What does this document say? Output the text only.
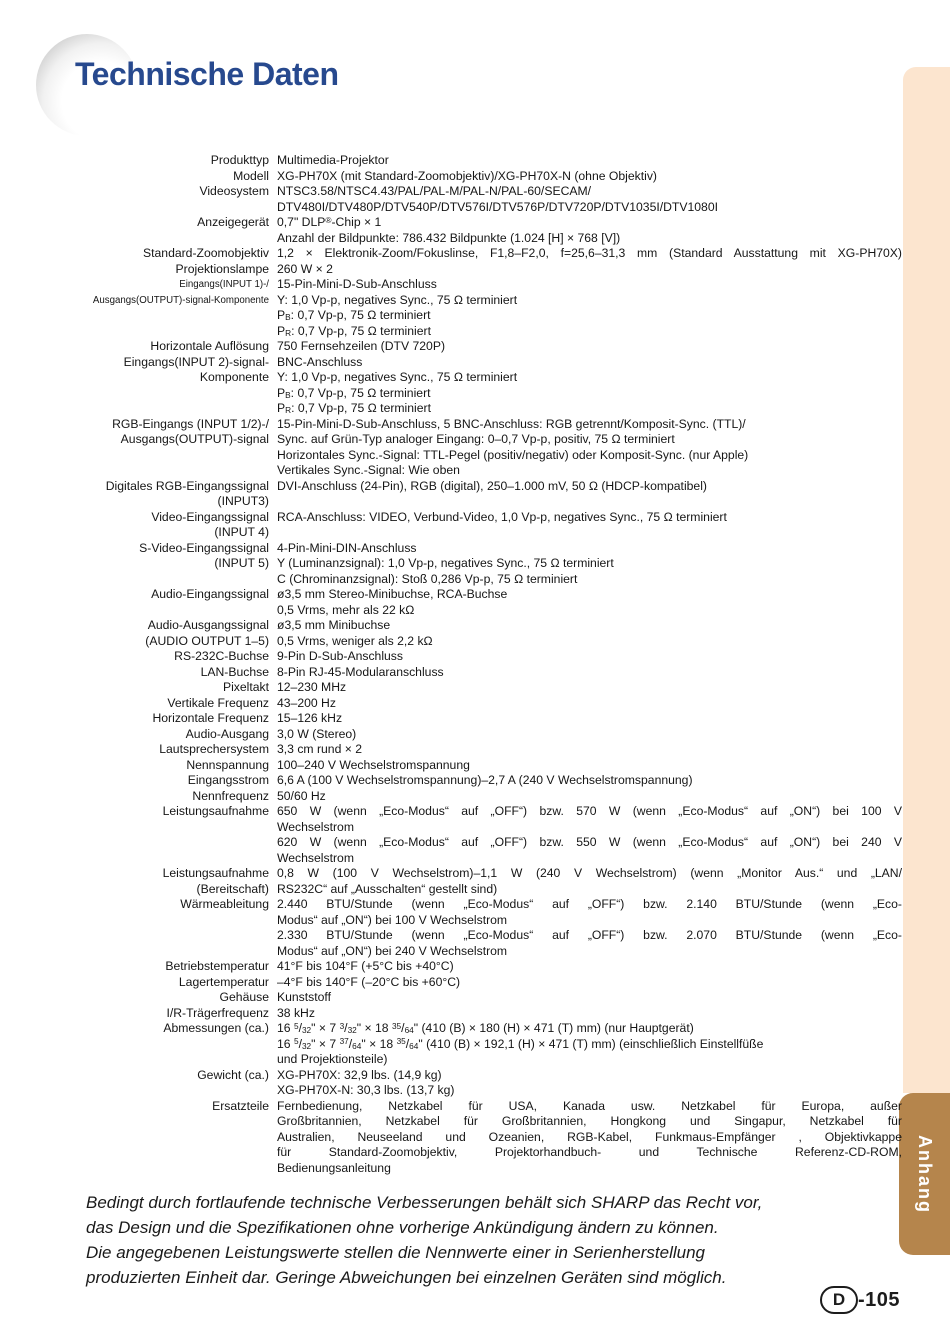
Technische Daten
Anhang
Produkttyp Multimedia-Projektor
Modell XG-PH70X (mit Standard-Zoomobjektiv)/XG-PH70X-N (ohne Objektiv)
Videosystem NTSC3.58/NTSC4.43/PAL/PAL-M/PAL-N/PAL-60/SECAM/
DTV480I/DTV480P/DTV540P/DTV576I/DTV576P/DTV720P/DTV1035I/DTV1080I
Anzeigegerät 0,7" DLP®-Chip × 1
Anzahl der Bildpunkte: 786.432 Bildpunkte (1.024 [H] × 768 [V])
Standard-Zoomobjektiv 1,2 × Elektronik-Zoom/Fokuslinse, F1,8–F2,0, f=25,6–31,3 mm (Standard Ausstattung mit XG-PH70X)
Projektionslampe 260 W × 2
Eingangs(INPUT 1)-/
Ausgangs(OUTPUT)-signal-Komponente
15-Pin-Mini-D-Sub-Anschluss
Y: 1,0 Vp-p, negatives Sync., 75 Ω terminiert
$P_B$: 0,7 Vp-p, 75 Ω terminiert
$P_R$: 0,7 Vp-p, 75 Ω terminiert
Horizontale Auflösung 750 Fernsehzeilen (DTV 720P)
Eingangs(INPUT 2)-signal-
Komponente
BNC-Anschluss
Y: 1,0 Vp-p, negatives Sync., 75 Ω terminiert
$P_B$: 0,7 Vp-p, 75 Ω terminiert
$P_R$: 0,7 Vp-p, 75 Ω terminiert
RGB-Eingangs (INPUT 1/2)-/
Ausgangs(OUTPUT)-signal
15-Pin-Mini-D-Sub-Anschluss, 5 BNC-Anschluss: RGB getrennt/Komposit-Sync. (TTL)/
Sync. auf Grün-Typ analoger Eingang: 0–0,7 Vp-p, positiv, 75 Ω terminiert
Horizontales Sync.-Signal: TTL-Pegel (positiv/negativ) oder Komposit-Sync. (nur Apple)
Vertikales Sync.-Signal: Wie oben
Digitales RGB-Eingangssignal
(INPUT3)
DVI-Anschluss (24-Pin), RGB (digital), 250–1.000 mV, 50 Ω (HDCP-kompatibel)
Video-Eingangssignal
(INPUT 4)
RCA-Anschluss: VIDEO, Verbund-Video, 1,0 Vp-p, negatives Sync., 75 Ω terminiert
S-Video-Eingangssignal
(INPUT 5)
4-Pin-Mini-DIN-Anschluss
Y (Luminanzsignal): 1,0 Vp-p, negatives Sync., 75 Ω terminiert
C (Chrominanzsignal): Stoß 0,286 Vp-p, 75 Ω terminiert
Audio-Eingangssignal ø3,5 mm Stereo-Minibuchse, RCA-Buchse
0,5 Vrms, mehr als 22 kΩ
Audio-Ausgangssignal
(AUDIO OUTPUT 1–5)
ø3,5 mm Minibuchse
0,5 Vrms, weniger als 2,2 kΩ
RS-232C-Buchse 9-Pin D-Sub-Anschluss
LAN-Buchse 8-Pin RJ-45-Modularanschluss
Pixeltakt 12–230 MHz
Vertikale Frequenz 43–200 Hz
Horizontale Frequenz 15–126 kHz
Audio-Ausgang 3,0 W (Stereo)
Lautsprechersystem 3,3 cm rund × 2
Nennspannung 100–240 V Wechselstromspannung
Eingangsstrom 6,6 A (100 V Wechselstromspannung)–2,7 A (240 V Wechselstromspannung)
Nennfrequenz 50/60 Hz
Leistungsaufnahme 650 W (wenn „Eco-Modus“ auf „OFF“) bzw. 570 W (wenn „Eco-Modus“ auf „ON“) bei 100 V
Wechselstrom
620 W (wenn „Eco-Modus“ auf „OFF“) bzw. 550 W (wenn „Eco-Modus“ auf „ON“) bei 240 V
Wechselstrom
Leistungsaufnahme
(Bereitschaft)
0,8 W (100 V Wechselstrom)–1,1 W (240 V Wechselstrom) (wenn „Monitor Aus.“ und „LAN/
RS232C“ auf „Ausschalten“ gestellt sind)
Wärmeableitung 2.440 BTU/Stunde (wenn „Eco-Modus“ auf „OFF“) bzw. 2.140 BTU/Stunde (wenn „Eco-
Modus“ auf „ON“) bei 100 V Wechselstrom
2.330 BTU/Stunde (wenn „Eco-Modus“ auf „OFF“) bzw. 2.070 BTU/Stunde (wenn „Eco-
Modus“ auf „ON“) bei 240 V Wechselstrom
Betriebstemperatur 41°F bis 104°F (+5°C bis +40°C)
Lagertemperatur –4°F bis 140°F (–20°C bis +60°C)
Gehäuse Kunststoff
I/R-Trägerfrequenz 38 kHz
Abmessungen (ca.) 16 $^5/_{32}$" × 7 $^3/_{32}$" × 18 $^{35}/_{64}$" (410 (B) × 180 (H) × 471 (T) mm) (nur Hauptgerät)
16 $^5/_{32}$" × 7 $^{37}/_{64}$" × 18 $^{35}/_{64}$" (410 (B) × 192,1 (H) × 471 (T) mm) (einschließlich Einstellfüße
und Projektionsteile)
Gewicht (ca.) XG-PH70X: 32,9 lbs. (14,9 kg)
XG-PH70X-N: 30,3 lbs. (13,7 kg)
Ersatzteile Fernbedienung, Netzkabel für USA, Kanada usw. Netzkabel für Europa, außer
Großbritannien, Netzkabel für Großbritannien, Hongkong und Singapur, Netzkabel für
Australien, Neuseeland und Ozeanien, RGB-Kabel, Funkmaus-Empfänger , Objektivkappe
für Standard-Zoomobjektiv, Projektorhandbuch- und Technische Referenz-CD-ROM,
Bedienungsanleitung
Bedingt durch fortlaufende technische Verbesserungen behält sich SHARP das Recht vor,
das Design und die Spezifikationen ohne vorherige Ankündigung ändern zu können.
Die angegebenen Leistungswerte stellen die Nennwerte einer in Serienherstellung
produzierten Einheit dar. Geringe Abweichungen bei einzelnen Geräten sind möglich.
D -105
